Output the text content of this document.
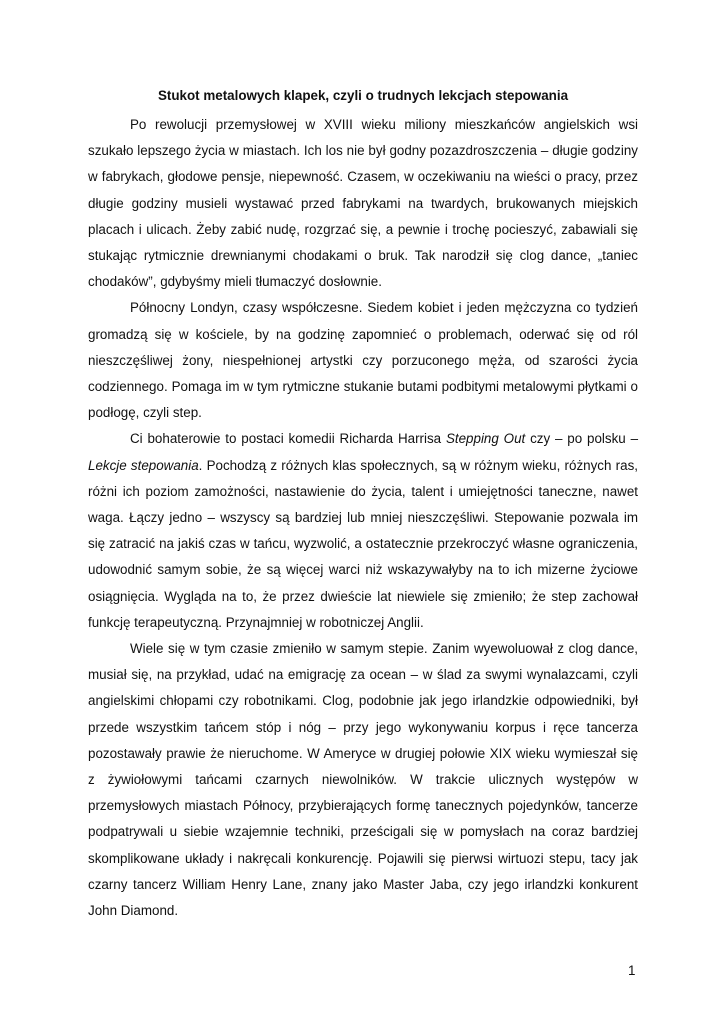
Stukot metalowych klapek, czyli o trudnych lekcjach stepowania

Po rewolucji przemysłowej w XVIII wieku miliony mieszkańców angielskich wsi szukało lepszego życia w miastach. Ich los nie był godny pozazdroszczenia – długie godziny w fabrykach, głodowe pensje, niepewność. Czasem, w oczekiwaniu na wieści o pracy, przez długie godziny musieli wystawać przed fabrykami na twardych, brukowanych miejskich placach i ulicach. Żeby zabić nudę, rozgrzać się, a pewnie i trochę pocieszyć, zabawiali się stukając rytmicznie drewnianymi chodakami o bruk. Tak narodził się clog dance, „taniec chodaków”, gdybyśmy mieli tłumaczyć dosłownie.

Północny Londyn, czasy współczesne. Siedem kobiet i jeden mężczyzna co tydzień gromadzą się w kościele, by na godzinę zapomnieć o problemach, oderwać się od ról nieszczęśliwej żony, niespełnionej artystki czy porzuconego męża, od szarości życia codziennego. Pomaga im w tym rytmiczne stukanie butami podbitymi metalowymi płytkami o podłogę, czyli step.

Ci bohaterowie to postaci komedii Richarda Harrisa Stepping Out czy – po polsku – Lekcje stepowania. Pochodzą z różnych klas społecznych, są w różnym wieku, różnych ras, różni ich poziom zamożności, nastawienie do życia, talent i umiejętności taneczne, nawet waga. Łączy jedno – wszyscy są bardziej lub mniej nieszczęśliwi. Stepowanie pozwala im się zatracić na jakiś czas w tańcu, wyzwolić, a ostatecznie przekroczyć własne ograniczenia, udowodnić samym sobie, że są więcej warci niż wskazywałyby na to ich mizerne życiowe osiągnięcia. Wygląda na to, że przez dwieście lat niewiele się zmieniło; że step zachował funkcję terapeutyczną. Przynajmniej w robotniczej Anglii.

Wiele się w tym czasie zmieniło w samym stepie. Zanim wyewoluował z clog dance, musiał się, na przykład, udać na emigrację za ocean – w ślad za swymi wynalazcami, czyli angielskimi chłopami czy robotnikami. Clog, podobnie jak jego irlandzkie odpowiedniki, był przede wszystkim tańcem stóp i nóg – przy jego wykonywaniu korpus i ręce tancerza pozostawały prawie że nieruchome. W Ameryce w drugiej połowie XIX wieku wymieszał się z żywiołowymi tańcami czarnych niewolników. W trakcie ulicznych występów w przemysłowych miastach Północy, przybierających formę tanecznych pojedynków, tancerze podpatrywali u siebie wzajemnie techniki, prześcigali się w pomysłach na coraz bardziej skomplikowane układy i nakręcali konkurencję. Pojawili się pierwsi wirtuozi stepu, tacy jak czarny tancerz William Henry Lane, znany jako Master Jaba, czy jego irlandzki konkurent John Diamond.

1
